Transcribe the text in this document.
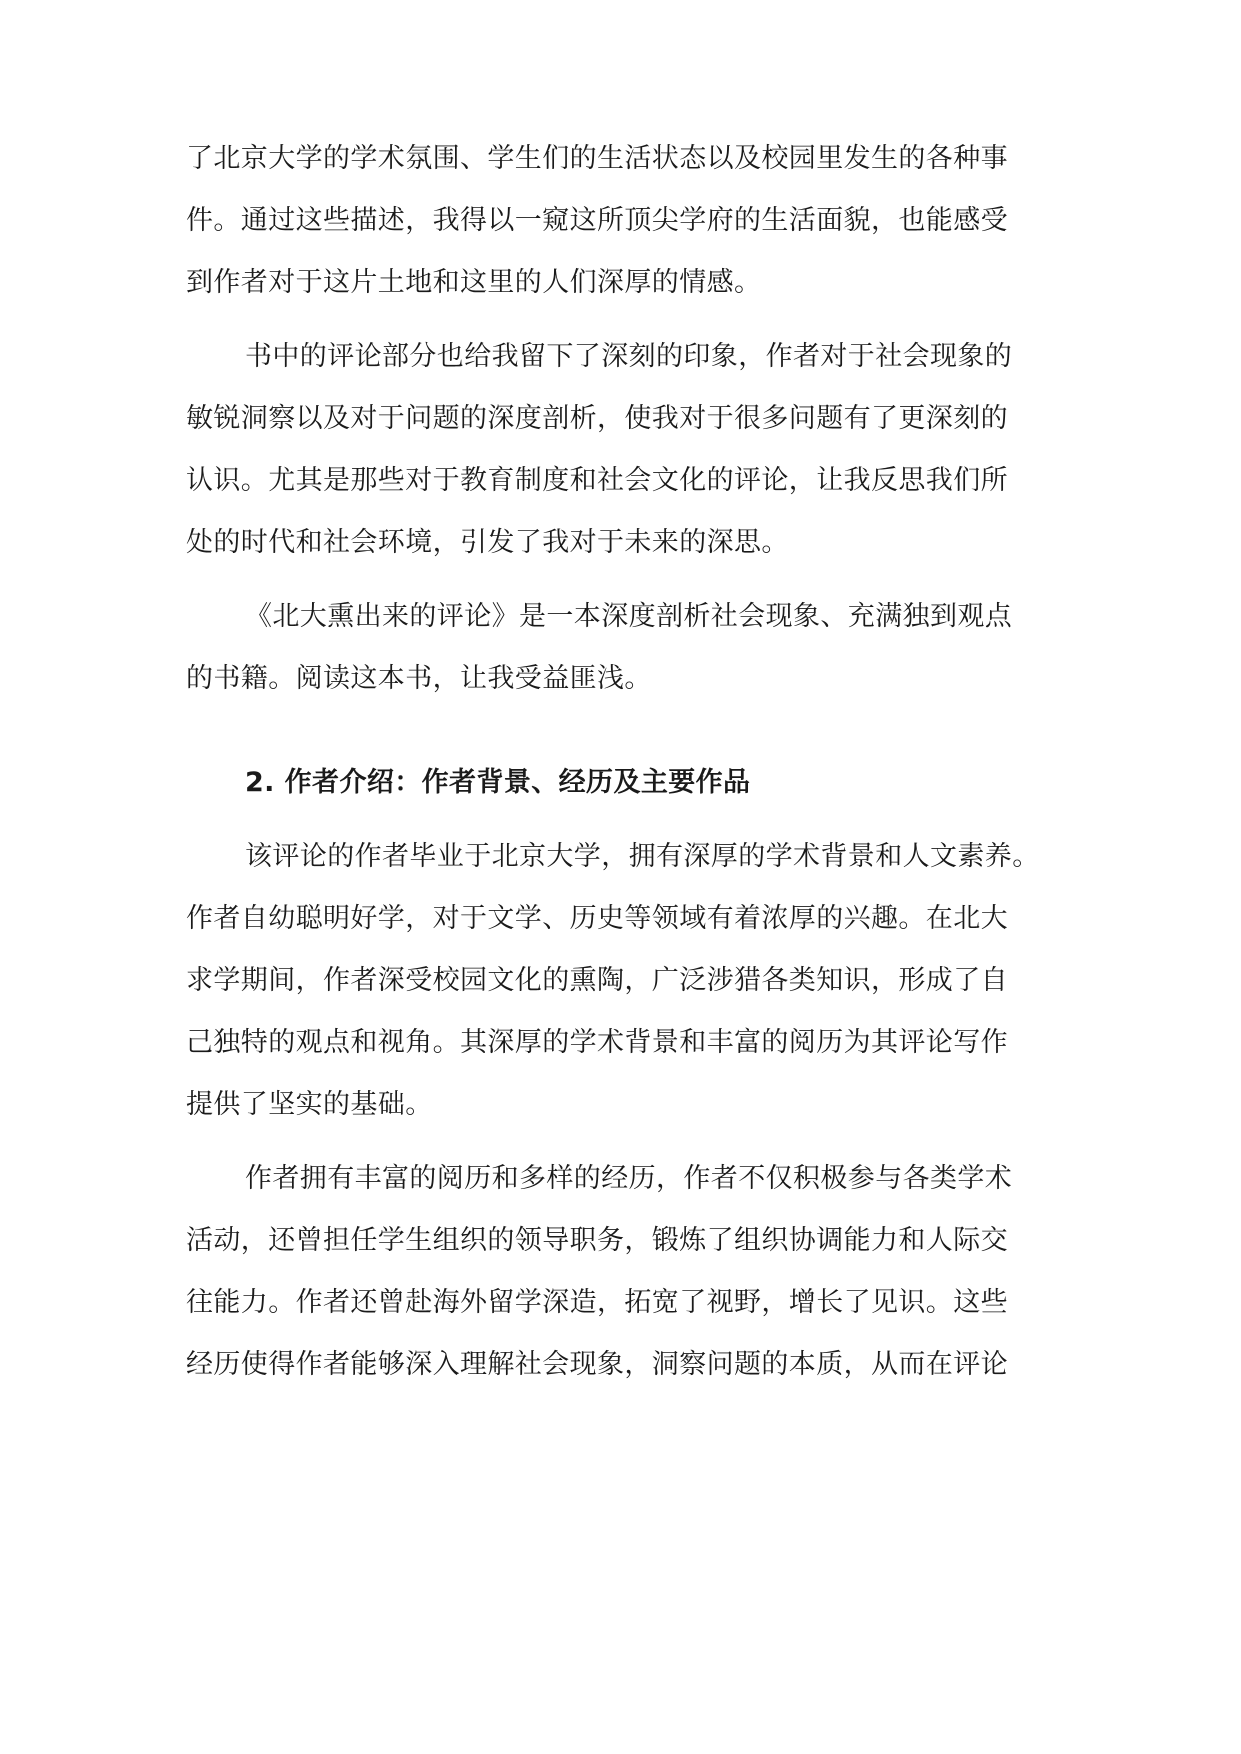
了北京大学的学术氛围、学生们的生活状态以及校园里发生的各种事
件。通过这些描述，我得以一窥这所顶尖学府的生活面貌，也能感受
到作者对于这片土地和这里的人们深厚的情感。
书中的评论部分也给我留下了深刻的印象，作者对于社会现象的
敏锐洞察以及对于问题的深度剖析，使我对于很多问题有了更深刻的
认识。尤其是那些对于教育制度和社会文化的评论，让我反思我们所
处的时代和社会环境，引发了我对于未来的深思。
《北大熏出来的评论》是一本深度剖析社会现象、充满独到观点
的书籍。阅读这本书，让我受益匪浅。
2. 作者介绍：作者背景、经历及主要作品
该评论的作者毕业于北京大学，拥有深厚的学术背景和人文素养。
作者自幼聪明好学，对于文学、历史等领域有着浓厚的兴趣。在北大
求学期间，作者深受校园文化的熏陶，广泛涉猎各类知识，形成了自
己独特的观点和视角。其深厚的学术背景和丰富的阅历为其评论写作
提供了坚实的基础。
作者拥有丰富的阅历和多样的经历，作者不仅积极参与各类学术
活动，还曾担任学生组织的领导职务，锻炼了组织协调能力和人际交
往能力。作者还曾赴海外留学深造，拓宽了视野，增长了见识。这些
经历使得作者能够深入理解社会现象，洞察问题的本质，从而在评论
